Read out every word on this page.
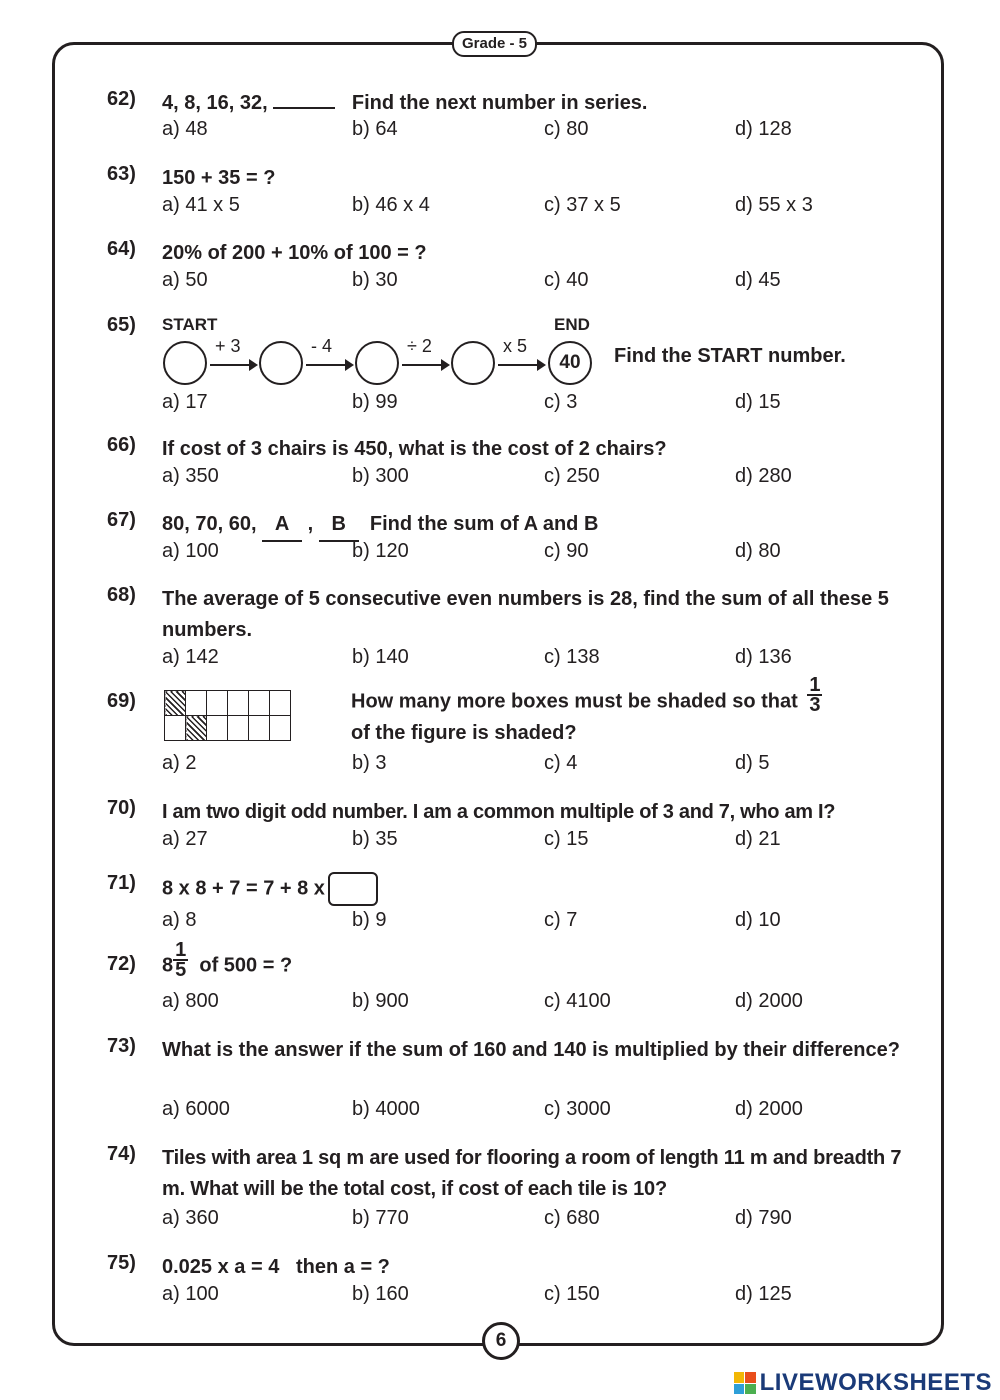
Grade - 5
62) 4, 8, 16, 32,	Find the next number in series.
a) 48	b) 64	c) 80	d) 128
63) 150 + 35 = ?
a) 41 x 5	b) 46 x 4	c) 37 x 5	d) 55 x 3
64) 20% of 200 + 10% of 100 = ?
a) 50	b) 30	c) 40	d) 45
65) START	END
+ 3	- 4	÷ 2	x 5
40	Find the START number.
a) 17	b) 99	c) 3	d) 15
66) If cost of 3 chairs is 450, what is the cost of 2 chairs?
a) 350	b) 300	c) 250	d) 280
67) 80, 70, 60, A , B Find the sum of A and B
a) 100	b) 120	c) 90	d) 80
68) The average of 5 consecutive even numbers is 28, find the sum of all these 5 numbers.
a) 142	b) 140	c) 138	d) 136
69)

						How many more boxes must be shaded so that $\frac{1}{3}$
of the figure is shaded?
a) 2	b) 3	c) 4	d) 5
70) I am two digit odd number. I am a common multiple of 3 and 7, who am I?
a) 27	b) 35	c) 15	d) 21
71) 8 x 8 + 7 = 7 + 8 x
a) 8	b) 9	c) 7	d) 10
72) $8 \frac{1}{5}$ of 500 = ?
a) 800	b) 900	c) 4100	d) 2000
73) What is the answer if the sum of 160 and 140 is multiplied by their difference?
a) 6000	b) 4000	c) 3000	d) 2000
74) Tiles with area 1 sq m are used for flooring a room of length 11 m and breadth 7 m. What will be the total cost, if cost of each tile is 10?
a) 360	b) 770	c) 680	d) 790
75) 0.025 x a = 4   then a = ?
a) 100	b) 160	c) 150	d) 125
6
LIVEWORKSHEETS
